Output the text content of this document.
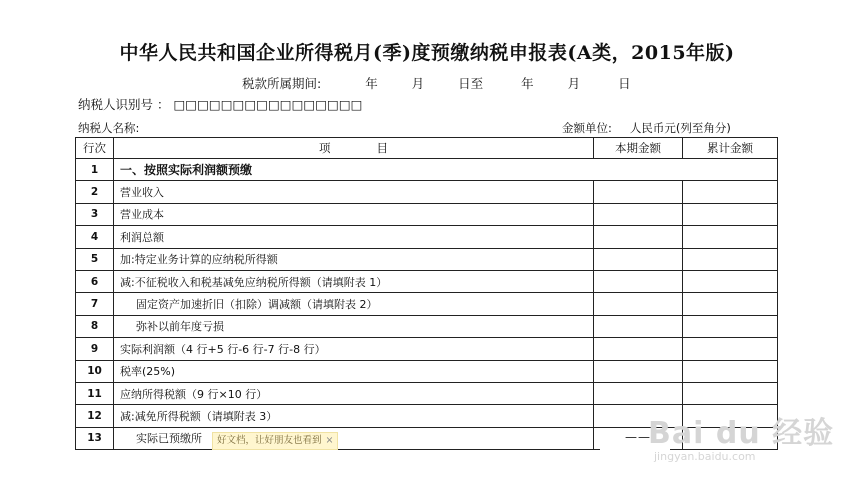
中华人民共和国企业所得税月(季)度预缴纳税申报表(A类，2015年版)
税款所属期间:	年	月	日至	年	月	日
纳税人识别号 ： □□□□□□□□□□□□□□□□
纳税人名称:	金额单位: 人民币元(列至角分)
行次	项　　　　目	本期金额	累计金额
1	一、按照实际利润额预缴		
2	营业收入		
3	营业成本		
4	利润总额		
5	加:特定业务计算的应纳税所得额		
6	减:不征税收入和税基减免应纳税所得额（请填附表 1）		
7	固定资产加速折旧（扣除）调减额（请填附表 2）		
8	弥补以前年度亏损		
9	实际利润额（4 行+5 行-6 行-7 行-8 行）		
10	税率(25%)		
11	应纳所得税额（9 行×10 行）		
12	减:减免所得税额（请填附表 3）		
13	实际已预缴所			——
好文档，让好朋友也看到 ×	Bai du 经验
jingyan.baidu.com
